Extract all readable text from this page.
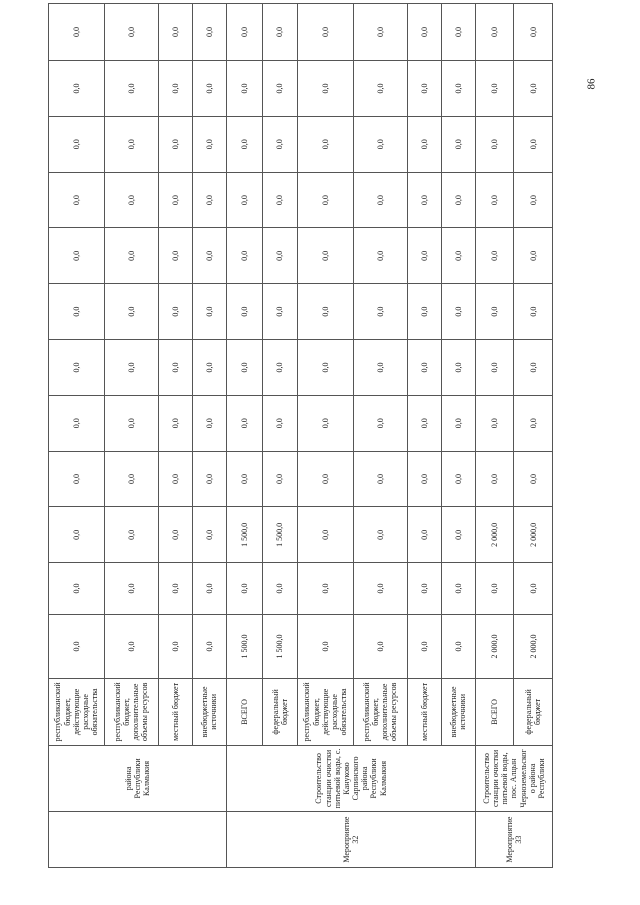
	района Республики Калмыкия	республиканский бюджет, действующие расходные обязательства	0,0	0,0	0,0	0,0	0,0	0,0	0,0	0,0	0,0	0,0	0,0	0,0
		республиканский бюджет, дополнительные объемы ресурсов	0,0	0,0	0,0	0,0	0,0	0,0	0,0	0,0	0,0	0,0	0,0	0,0
		местный бюджет	0,0	0,0	0,0	0,0	0,0	0,0	0,0	0,0	0,0	0,0	0,0	0,0
		внебюджетные источники	0,0	0,0	0,0	0,0	0,0	0,0	0,0	0,0	0,0	0,0	0,0	0,0
Мероприятие 32	Строительство станции очистки питьевой воды, с. Кануково Сарпинского района Республики Калмыкия	ВСЕГО	1 500,0	0,0	1 500,0	0,0	0,0	0,0	0,0	0,0	0,0	0,0	0,0	0,0
		федеральный бюджет	1 500,0	0,0	1 500,0	0,0	0,0	0,0	0,0	0,0	0,0	0,0	0,0	0,0
		республиканский бюджет, действующие расходные обязательства	0,0	0,0	0,0	0,0	0,0	0,0	0,0	0,0	0,0	0,0	0,0	0,0
		республиканский бюджет, дополнительные объемы ресурсов	0,0	0,0	0,0	0,0	0,0	0,0	0,0	0,0	0,0	0,0	0,0	0,0
		местный бюджет	0,0	0,0	0,0	0,0	0,0	0,0	0,0	0,0	0,0	0,0	0,0	0,0
		внебюджетные источники	0,0	0,0	0,0	0,0	0,0	0,0	0,0	0,0	0,0	0,0	0,0	0,0
Мероприятие 33	Строительство станции очистки питьевой воды, пос. Алцын Черноземельского района Республики	ВСЕГО	2 000,0	0,0	2 000,0	0,0	0,0	0,0	0,0	0,0	0,0	0,0	0,0	0,0
		федеральный бюджет	2 000,0	0,0	2 000,0	0,0	0,0	0,0	0,0	0,0	0,0	0,0	0,0	0,0
86
